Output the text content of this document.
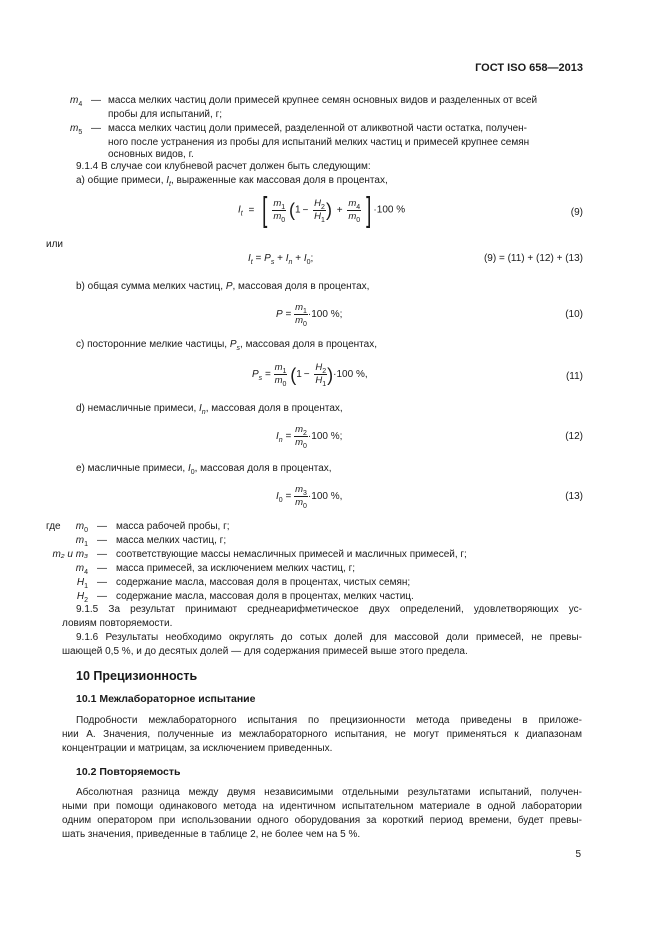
ГОСТ ISO 658—2013
$m_4$ — масса мелких частиц доли примесей крупнее семян основных видов и разделенных от всей
пробы для испытаний, г;
$m_5$ — масса мелких частиц доли примесей, разделенной от аликвотной части остатка, получен-
ного после устранения из пробы для испытаний мелких частиц и примесей крупнее семян
основных видов, г.
9.1.4 В случае сои клубневой расчет должен быть следующим:
а) общие примеси, $I_t$, выраженные как массовая доля в процентах,
$I_t$ = [ $\frac{m_1}{m_0} (1 - \frac{H_2}{H_1}$ ) + $\frac{m_4}{m_0}$ ] ·100 %	(9)
или
$I_t = P_s + I_n + I_0$;	(9) = (11) + (12) + (13)
b) общая сумма мелких частиц, P, массовая доля в процентах,
$P = \frac{m_1}{m_0} \cdot 100$ %;	(10)
c) посторонние мелкие частицы, $P_s$, массовая доля в процентах,
$P_s = \frac{m_1}{m_0} (1 - \frac{H_2}{H_1} )\cdot 100$ %,	(11)
d) немасличные примеси, $I_n$, массовая доля в процентах,
$I_n = \frac{m_2}{m_0} \cdot 100$ %;	(12)
e) масличные примеси, $I_0$, массовая доля в процентах,
$I_0 = \frac{m_3}{m_0} \cdot 100$ %,	(13)
где	$m_0$ — масса рабочей пробы, г;
$m_1$ — масса мелких частиц, г;
m₂ и m₃ — соответствующие массы немасличных примесей и масличных примесей, г;
$m_4$ — масса примесей, за исключением мелких частиц, г;
$H_1$ — содержание масла, массовая доля в процентах, чистых семян;
$H_2$ — содержание масла, массовая доля в процентах, мелких частиц.
9.1.5 За результат принимают среднеарифметическое двух определений, удовлетворяющих ус-
ловиям повторяемости.
9.1.6 Результаты необходимо округлять до сотых долей для массовой доли примесей, не превы-
шающей 0,5 %, и до десятых долей — для содержания примесей выше этого предела.
10 Прецизионность
10.1 Межлабораторное испытание
Подробности межлабораторного испытания по прецизионности метода приведены в приложе-
нии А. Значения, полученные из межлабораторного испытания, не могут применяться к диапазонам
концентрации и матрицам, за исключением приведенных.
10.2 Повторяемость
Абсолютная разница между двумя независимыми отдельными результатами испытаний, получен-
ными при помощи одинакового метода на идентичном испытательном материале в одной лаборатории
одним оператором при использовании одного оборудования за короткий период времени, будет превы-
шать значения, приведенные в таблице 2, не более чем на 5 %.
5
